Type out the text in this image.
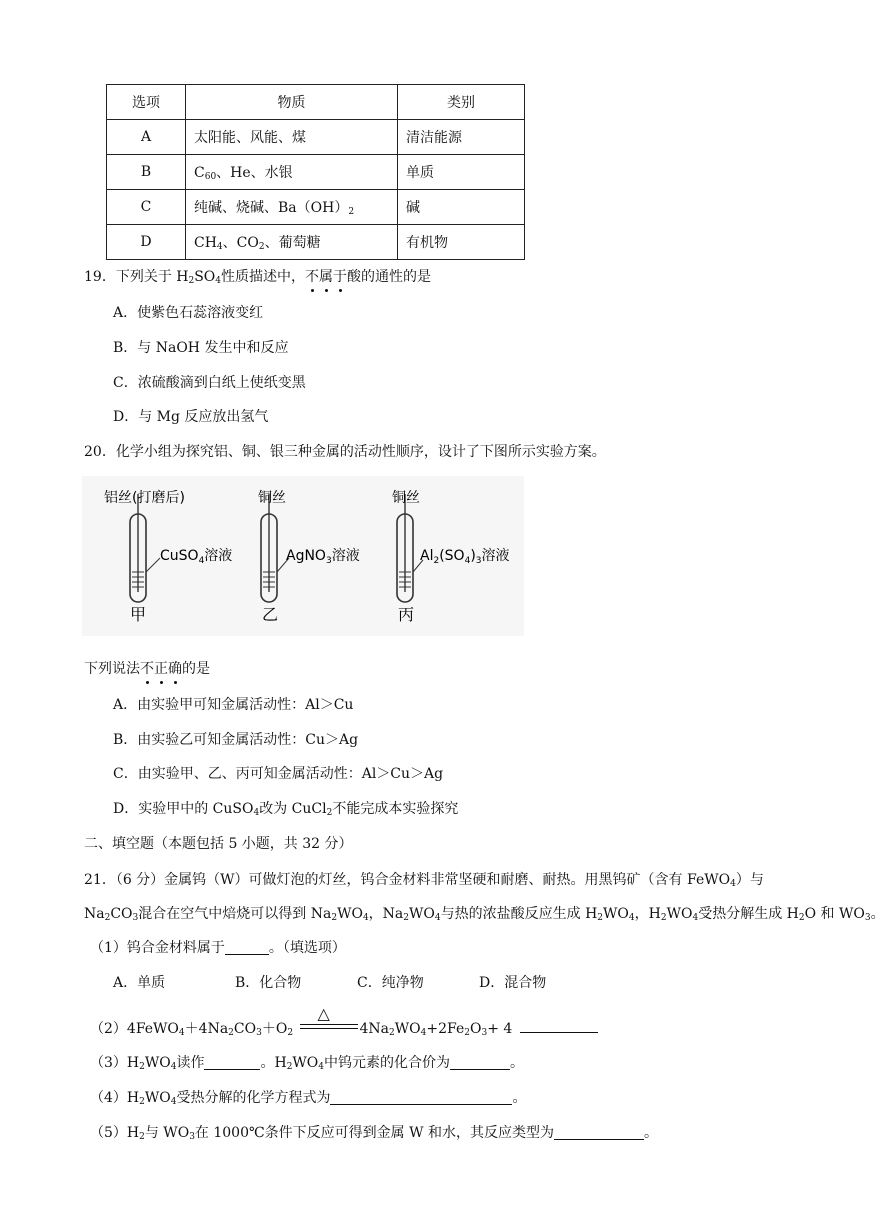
选项	物质	类别
A	太阳能、风能、煤	清洁能源
B	$C_{60}$、He、水银	单质
C	纯碱、烧碱、$Ba(OH)_2$	碱
D	$CH_4$、$CO_2$、葡萄糖	有机物
19．下列关于 $H_2SO_4$性质描述中，不属于酸的通性的是
A．使紫色石蕊溶液变红
B．与 NaOH 发生中和反应
C．浓硫酸滴到白纸上使纸变黑
D．与 Mg 反应放出氢气
20．化学小组为探究铝、铜、银三种金属的活动性顺序，设计了下图所示实验方案。
铝丝(打磨后)
CuSO$_4$溶液
甲
铜丝
AgNO$_3$溶液
乙
铜丝
$Al_2(SO_4)_3$溶液
丙
下列说法不正确的是
A．由实验甲可知金属活动性：Al＞Cu
B．由实验乙可知金属活动性：Cu＞Ag
C．由实验甲、乙、丙可知金属活动性：Al＞Cu＞Ag
D．实验甲中的 CuSO$_4$改为 CuCl$_2$不能完成本实验探究
二、填空题（本题包括 5 小题，共 32 分）
21．（6 分）金属钨（W）可做灯泡的灯丝，钨合金材料非常坚硬和耐磨、耐热。用黑钨矿（含有 FeWO$_4$）与
$Na_2CO_3$混合在空气中焙烧可以得到 $Na_2WO_4$，$Na_2WO_4$与热的浓盐酸反应生成 $H_2WO_4$，$H_2WO_4$受热分解生成 $H_2O$ 和 $WO_3$。
（1）钨合金材料属于	。（填选项）
A．单质	B．化合物	C．纯净物	D．混合物
$(2)4FeWO_4+4Na_2CO_3+O_2$
△
$4Na_2WO_4+2Fe_2O_3+ 4$
$(3)H_2WO_4$读作	。$H_2WO_4$中钨元素的化合价为	。
$(4)H_2WO_4$受热分解的化学方程式为	。
$(5)H_2$与 $WO_3$在 1000℃条件下反应可得到金属 W 和水，其反应类型为	。
